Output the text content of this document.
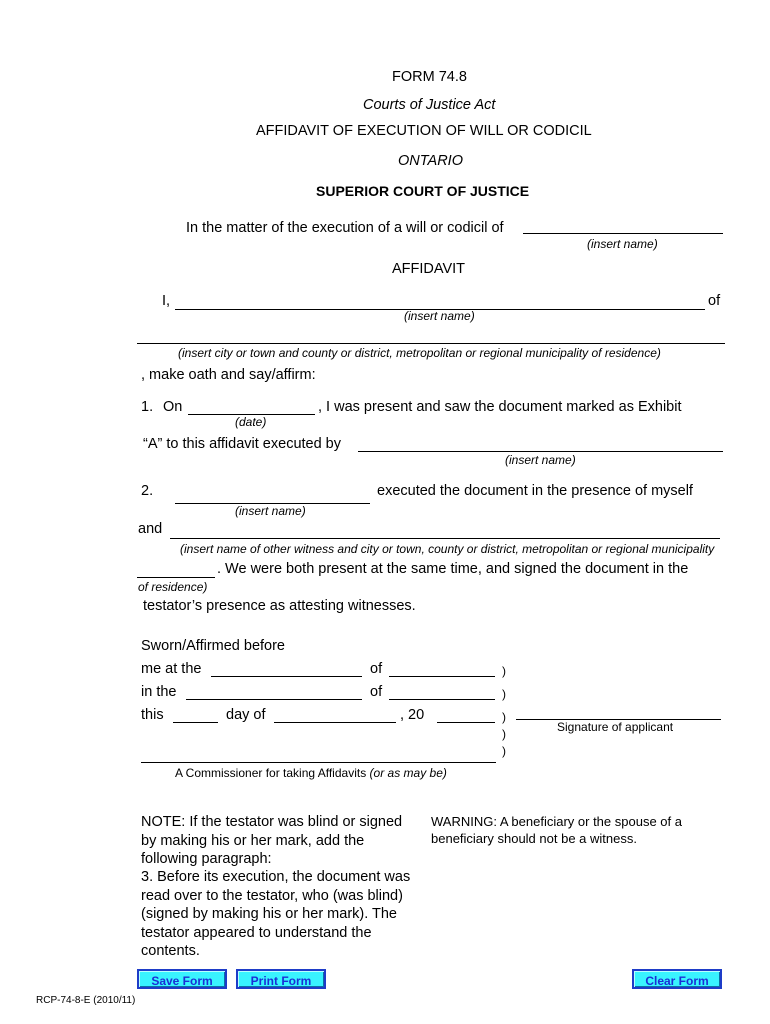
FORM 74.8
Courts of Justice Act
AFFIDAVIT OF EXECUTION OF WILL OR CODICIL
ONTARIO
SUPERIOR COURT OF JUSTICE
In the matter of the execution of a will or codicil of
(insert name)
AFFIDAVIT
I,	of
(insert name)
(insert city or town and county or district, metropolitan or regional municipality of residence)
, make oath and say/affirm:
1. On	, I was present and saw the document marked as Exhibit
(date)
“A” to this affidavit executed by
(insert name)
2.	executed the document in the presence of myself
(insert name)
and
(insert name of other witness and city or town, county or district, metropolitan or regional municipality
. We were both present at the same time, and signed the document in the
of residence)
testator’s presence as attesting witnesses.
Sworn/Affirmed before
me at the	of	)
in the	of	)
this	day of	, 20	)
Signature of applicant
)
)
A Commissioner for taking Affidavits (or as may be)
NOTE: If the testator was blind or signed by making his or her mark, add the following paragraph:
3. Before its execution, the document was read over to the testator, who (was blind) (signed by making his or her mark). The testator appeared to understand the contents.
WARNING: A beneficiary or the spouse of a beneficiary should not be a witness.
Save Form	Print Form	Clear Form
RCP-74-8-E (2010/11)
